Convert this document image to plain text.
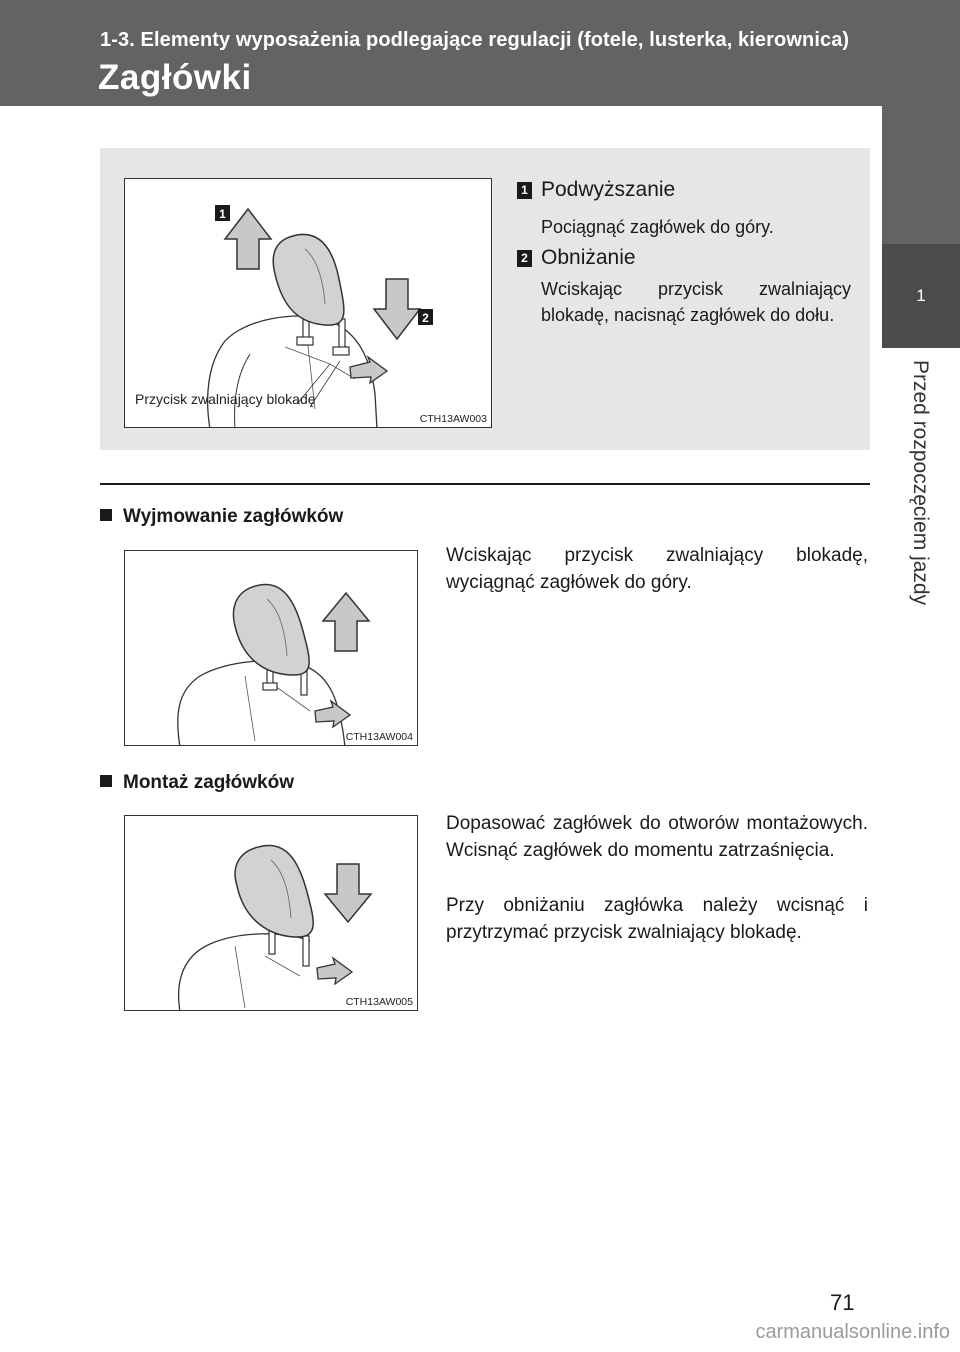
1-3. Elementy wyposażenia podlegające regulacji (fotele, lusterka, kierownica)
Zagłówki
1
Przed rozpoczęciem jazdy
1
2
Przycisk zwalniający blokadę
CTH13AW003
1 Podwyższanie
Pociągnąć zagłówek do góry.
2 Obniżanie
Wciskając przycisk zwalniający blokadę, nacisnąć zagłówek do dołu.
Wyjmowanie zagłówków
Wciskając przycisk zwalniający blokadę, wyciągnąć zagłówek do góry.
CTH13AW004
Montaż zagłówków
Dopasować zagłówek do otworów montażowych. Wcisnąć zagłówek do momentu zatrzaśnięcia.
Przy obniżaniu zagłówka należy wcisnąć i przytrzymać przycisk zwalniający blokadę.
CTH13AW005
71
carmanualsonline.info
